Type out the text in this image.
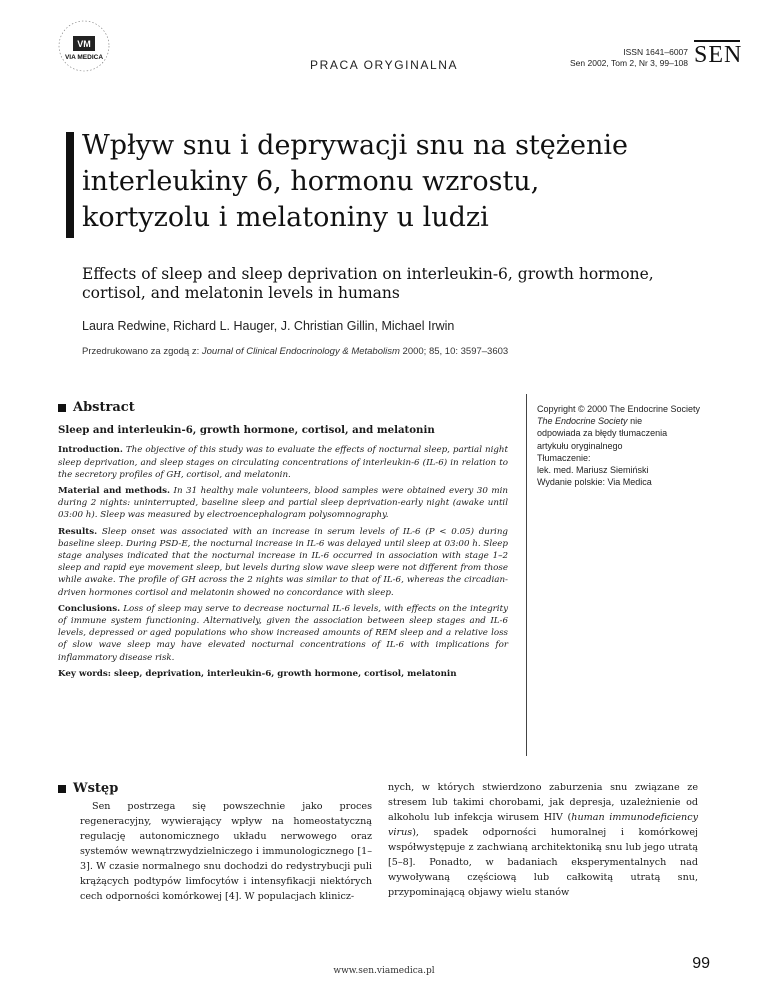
VM
VIA MEDICA
PRACA ORYGINALNA
ISSN 1641–6007
Sen 2002, Tom 2, Nr 3, 99–108 SEN
Wpływ snu i deprywacji snu na stężenie
interleukiny 6, hormonu wzrostu,
kortyzolu i melatoniny u ludzi
Effects of sleep and sleep deprivation on interleukin-6, growth hormone,
cortisol, and melatonin levels in humans
Laura Redwine, Richard L. Hauger, J. Christian Gillin, Michael Irwin
Przedrukowano za zgodą z: Journal of Clinical Endocrinology & Metabolism 2000; 85, 10: 3597–3603
Abstract

Sleep and interleukin-6, growth hormone, cortisol, and melatonin

Introduction. The objective of this study was to evaluate the effects of nocturnal sleep, partial night sleep deprivation, and sleep stages on circulating concentrations of interleukin-6 (IL-6) in relation to the secretory profiles of GH, cortisol, and melatonin.

Material and methods. In 31 healthy male volunteers, blood samples were obtained every 30 min during 2 nights: uninterrupted, baseline sleep and partial sleep deprivation-early night (awake until 03:00 h). Sleep was measured by electroencephalogram polysomnography.

Results. Sleep onset was associated with an increase in serum levels of IL-6 (P < 0.05) during baseline sleep. During PSD-E, the nocturnal increase in IL-6 was delayed until sleep at 03:00 h. Sleep stage analyses indicated that the nocturnal increase in IL-6 occurred in association with stage 1–2 sleep and rapid eye movement sleep, but levels during slow wave sleep were not different from those while awake. The profile of GH across the 2 nights was similar to that of IL-6, whereas the circadian-driven hormones cortisol and melatonin showed no concordance with sleep.

Conclusions. Loss of sleep may serve to decrease nocturnal IL-6 levels, with effects on the integrity of immune system functioning. Alternatively, given the association between sleep stages and IL-6 levels, depressed or aged populations who show increased amounts of REM sleep and a relative loss of slow wave sleep may have elevated nocturnal concentrations of IL-6 with implications for inflammatory disease risk.

Key words: sleep, deprivation, interleukin-6, growth hormone, cortisol, melatonin

Copyright © 2000 The Endocrine Society
The Endocrine Society nie
odpowiada za błędy tłumaczenia
artykułu oryginalnego
Tłumaczenie:
lek. med. Mariusz Siemiński
Wydanie polskie: Via Medica
Wstęp

Sen postrzega się powszechnie jako proces regeneracyjny, wywierający wpływ na homeostatyczną regulację autonomicznego układu nerwowego oraz systemów wewnątrzwydzielniczego i immunologicznego [1–3]. W czasie normalnego snu dochodzi do redystrybucji puli krążących podtypów limfocytów i intensyfikacji niektórych cech odporności komórkowej [4]. W populacjach klinicz-

nych, w których stwierdzono zaburzenia snu związane ze stresem lub takimi chorobami, jak depresja, uzależnienie od alkoholu lub infekcja wirusem HIV (human immunodeficiency virus), spadek odporności humoralnej i komórkowej współwystępuje z zachwianą architektoniką snu lub jego utratą [5–8]. Ponadto, w badaniach eksperymentalnych nad wywoływaną częściową lub całkowitą utratą snu, przypominającą objawy wielu stanów

www.sen.viamedica.pl	99
